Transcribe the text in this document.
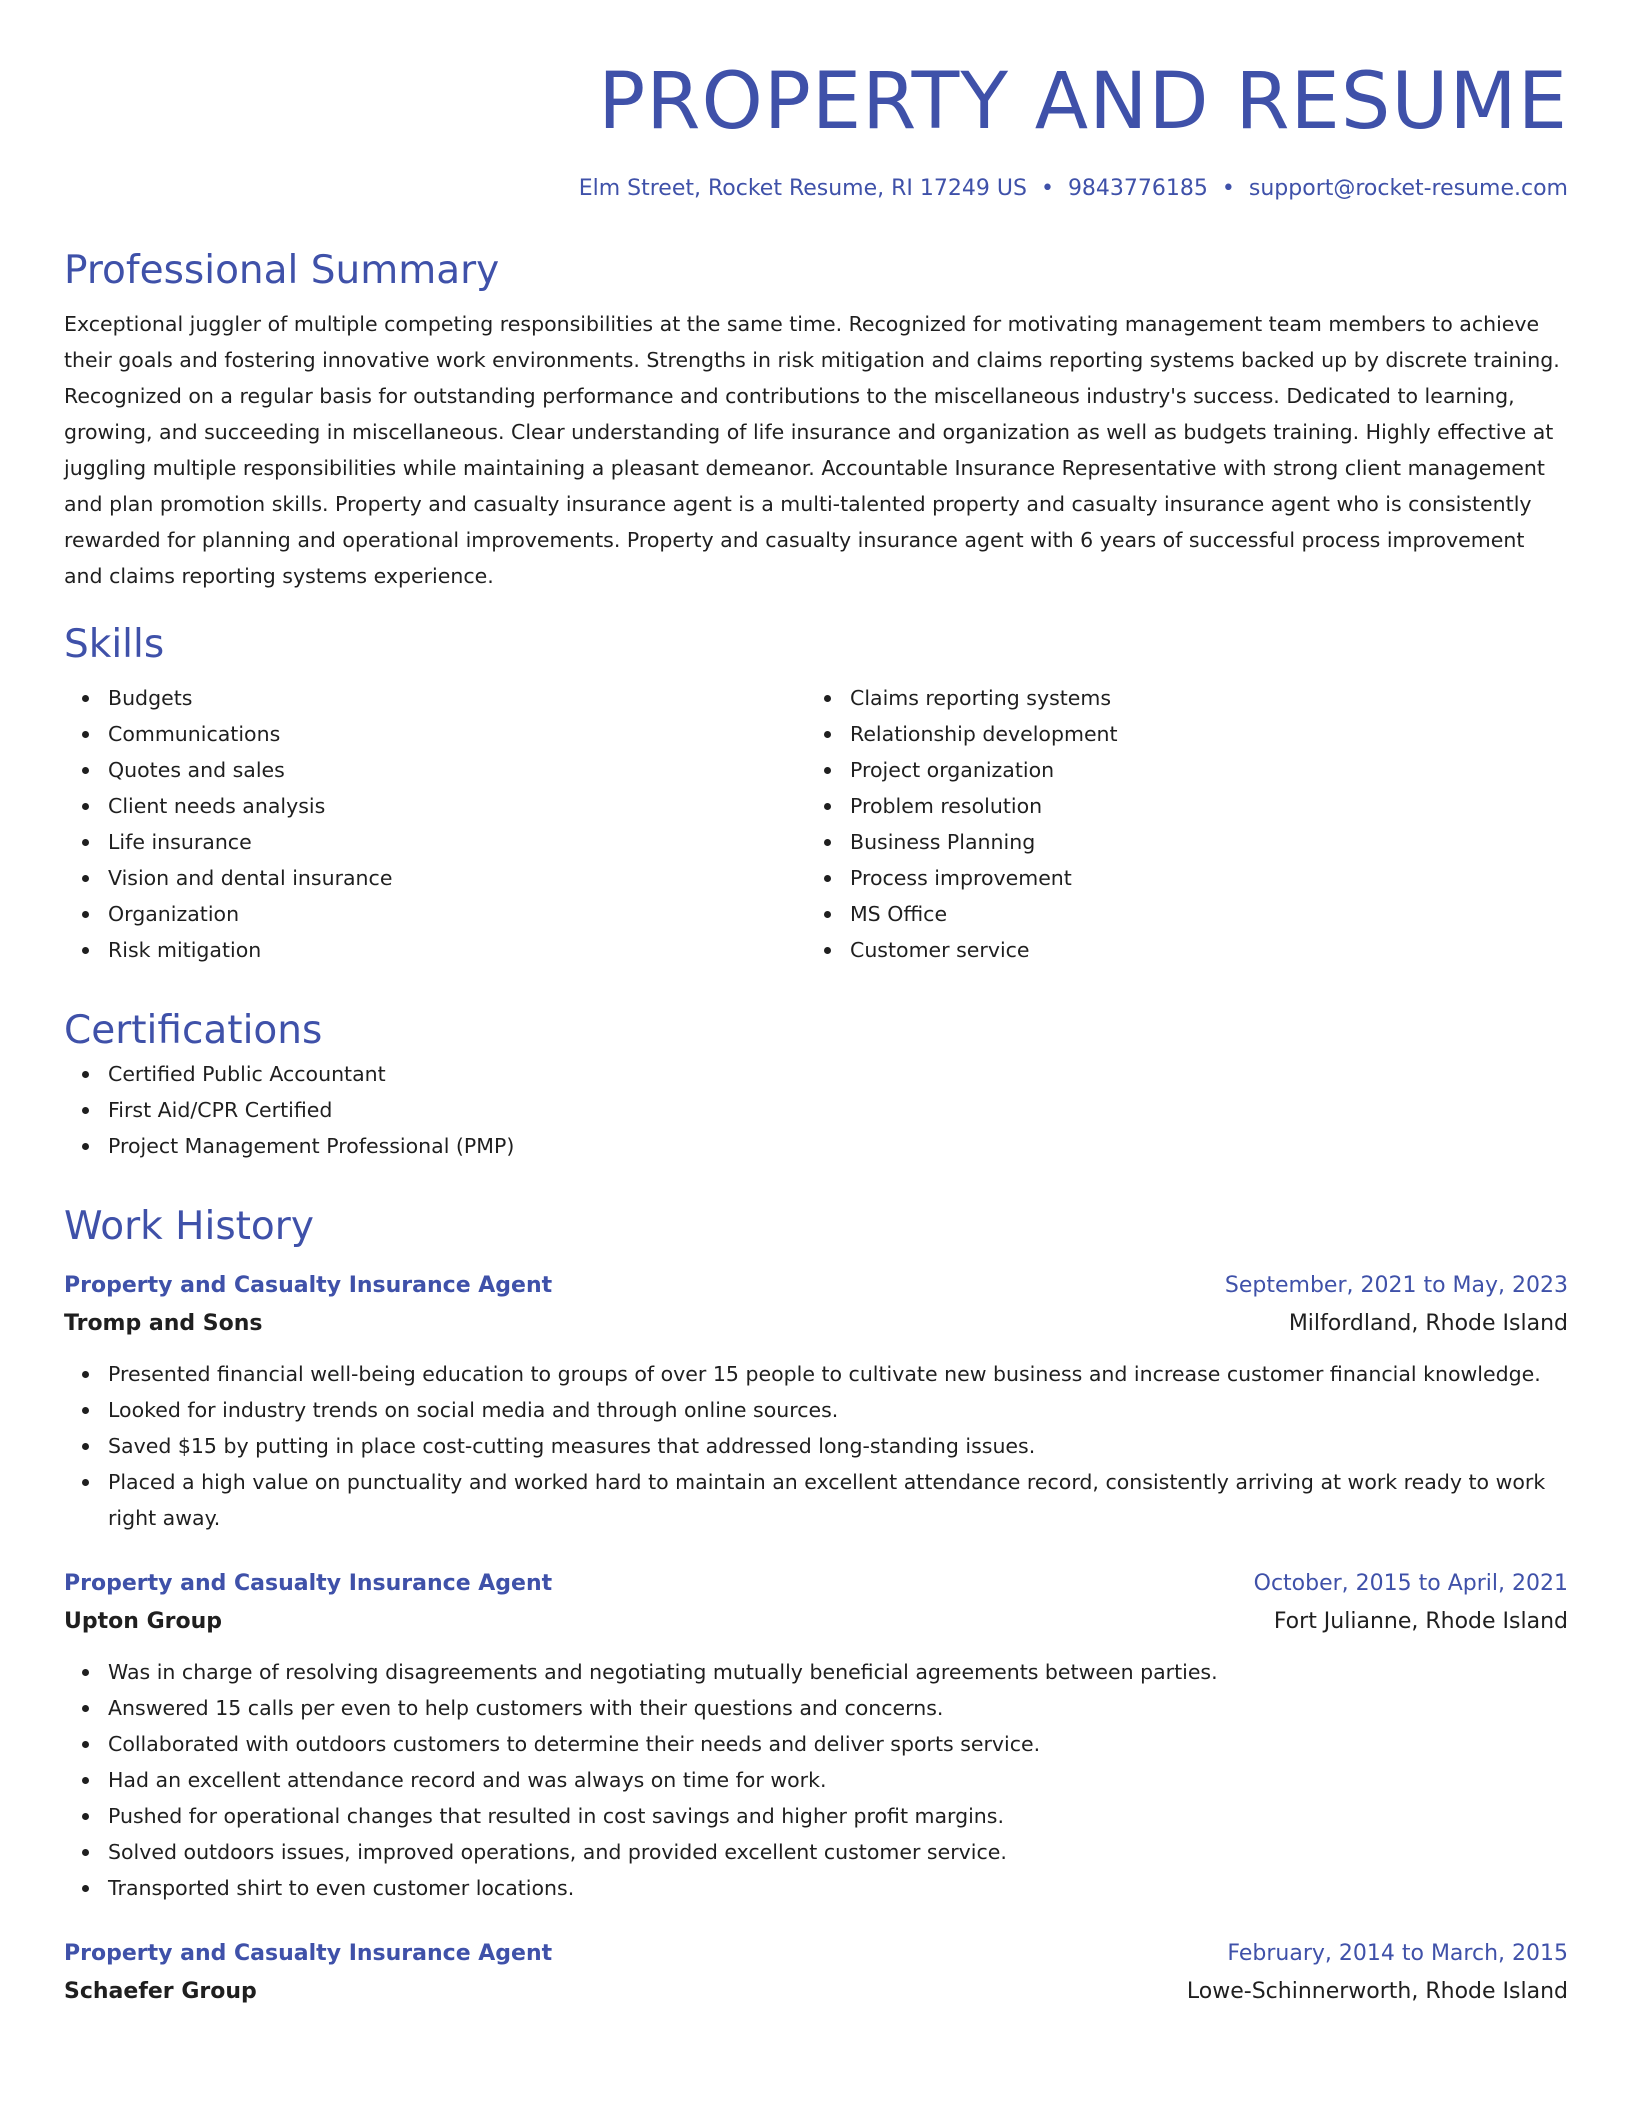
PROPERTY AND RESUME
Elm Street, Rocket Resume, RI 17249 US • 9843776185 • support@rocket-resume.com
Professional Summary
Exceptional juggler of multiple competing responsibilities at the same time. Recognized for motivating management team members to achieve their goals and fostering innovative work environments. Strengths in risk mitigation and claims reporting systems backed up by discrete training. Recognized on a regular basis for outstanding performance and contributions to the miscellaneous industry's success. Dedicated to learning, growing, and succeeding in miscellaneous. Clear understanding of life insurance and organization as well as budgets training. Highly effective at juggling multiple responsibilities while maintaining a pleasant demeanor. Accountable Insurance Representative with strong client management and plan promotion skills. Property and casualty insurance agent is a multi-talented property and casualty insurance agent who is consistently rewarded for planning and operational improvements. Property and casualty insurance agent with 6 years of successful process improvement and claims reporting systems experience.
Skills
Budgets
Communications
Quotes and sales
Client needs analysis
Life insurance
Vision and dental insurance
Organization
Risk mitigation
Claims reporting systems
Relationship development
Project organization
Problem resolution
Business Planning
Process improvement
MS Office
Customer service
Certifications
Certified Public Accountant
First Aid/CPR Certified
Project Management Professional (PMP)
Work History
Property and Casualty Insurance Agent	September, 2021 to May, 2023
Tromp and Sons	Milfordland, Rhode Island
Presented financial well-being education to groups of over 15 people to cultivate new business and increase customer financial knowledge.
Looked for industry trends on social media and through online sources.
Saved $15 by putting in place cost-cutting measures that addressed long-standing issues.
Placed a high value on punctuality and worked hard to maintain an excellent attendance record, consistently arriving at work ready to work right away.
Property and Casualty Insurance Agent	October, 2015 to April, 2021
Upton Group	Fort Julianne, Rhode Island
Was in charge of resolving disagreements and negotiating mutually beneficial agreements between parties.
Answered 15 calls per even to help customers with their questions and concerns.
Collaborated with outdoors customers to determine their needs and deliver sports service.
Had an excellent attendance record and was always on time for work.
Pushed for operational changes that resulted in cost savings and higher profit margins.
Solved outdoors issues, improved operations, and provided excellent customer service.
Transported shirt to even customer locations.
Property and Casualty Insurance Agent	February, 2014 to March, 2015
Schaefer Group	Lowe-Schinnerworth, Rhode Island
